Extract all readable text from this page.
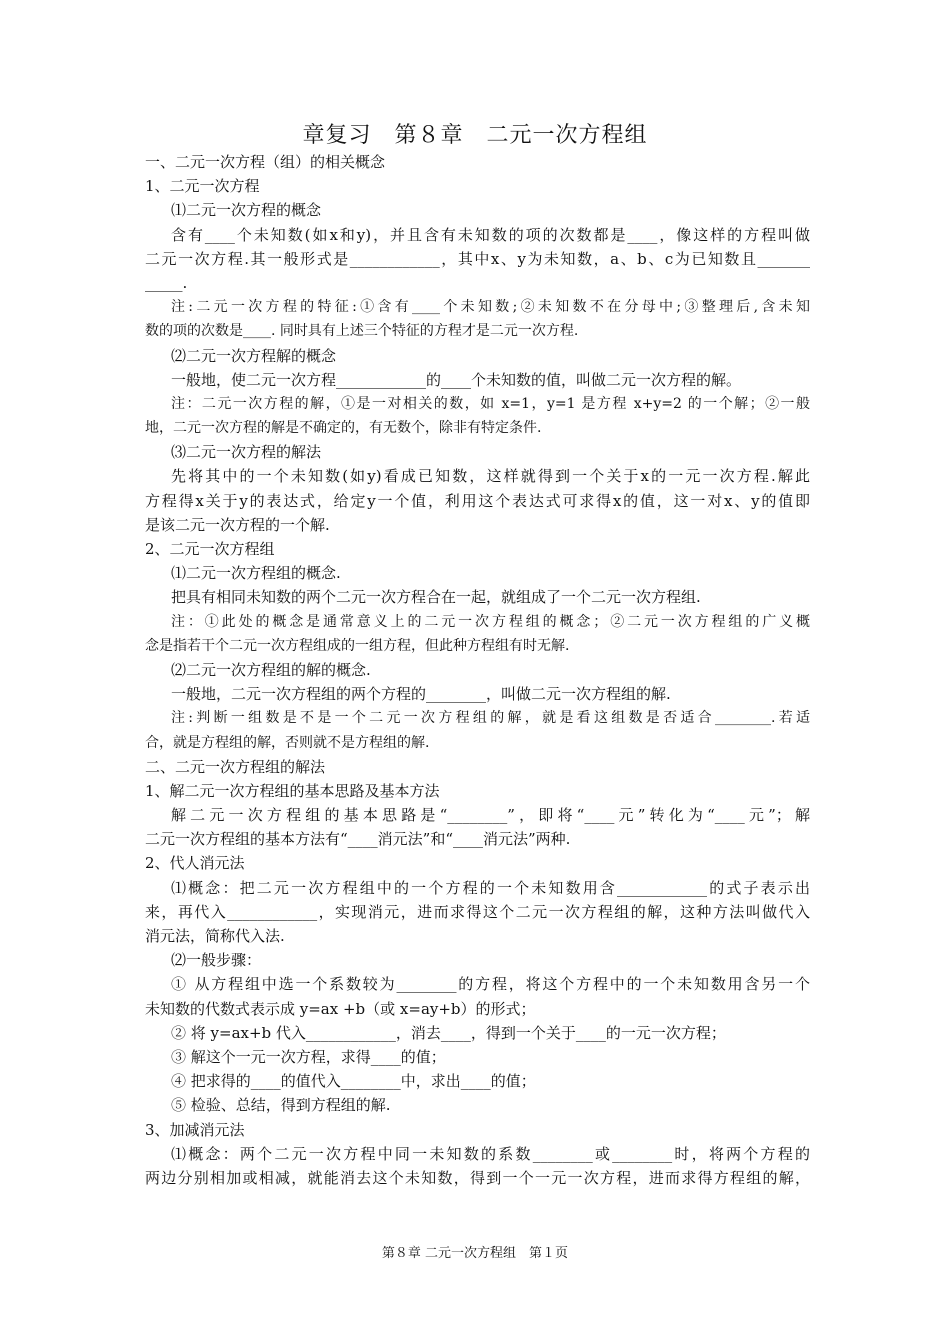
章复习　第８章　二元一次方程组
一、二元一次方程（组）的相关概念
1、二元一次方程
⑴二元一次方程的概念
含有____个未知数(如x和y)，并且含有未知数的项的次数都是____，像这样的方程叫做
二元一次方程.其一般形式是____________，其中x、y为未知数，a、b、c为已知数且_______
_____.
注:二元一次方程的特征:①含有____个未知数;②未知数不在分母中;③整理后,含未知
数的项的次数是____. 同时具有上述三个特征的方程才是二元一次方程.
⑵二元一次方程解的概念
一般地，使二元一次方程____________的____个未知数的值，叫做二元一次方程的解。
注：二元一次方程的解，①是一对相关的数，如 x=1，y=1 是方程 x+y=2 的一个解；②一般
地，二元一次方程的解是不确定的，有无数个，除非有特定条件.
⑶二元一次方程的解法
先将其中的一个未知数(如y)看成已知数，这样就得到一个关于x的一元一次方程.解此
方程得x关于y的表达式，给定y一个值，利用这个表达式可求得x的值，这一对x、y的值即
是该二元一次方程的一个解.
2、二元一次方程组
⑴二元一次方程组的概念.
把具有相同未知数的两个二元一次方程合在一起，就组成了一个二元一次方程组.
注：①此处的概念是通常意义上的二元一次方程组的概念；②二元一次方程组的广义概
念是指若干个二元一次方程组成的一组方程，但此种方程组有时无解.
⑵二元一次方程组的解的概念.
一般地，二元一次方程组的两个方程的________，叫做二元一次方程组的解.
注:判断一组数是不是一个二元一次方程组的解，就是看这组数是否适合________.若适
合，就是方程组的解，否则就不是方程组的解.
二、二元一次方程组的解法
1、解二元一次方程组的基本思路及基本方法
解二元一次方程组的基本思路是“________”，即将“____元”转化为“____元”；解
二元一次方程组的基本方法有“____消元法”和“____消元法”两种.
2、代人消元法
⑴概念：把二元一次方程组中的一个方程的一个未知数用含____________的式子表示出
来，再代入____________，实现消元，进而求得这个二元一次方程组的解，这种方法叫做代入
消元法，简称代入法.
⑵一般步骤：
① 从方程组中选一个系数较为________的方程，将这个方程中的一个未知数用含另一个
未知数的代数式表示成 y=ax +b（或 x=ay+b）的形式；
② 将 y=ax+b 代入____________，消去____，得到一个关于____的一元一次方程；
③ 解这个一元一次方程，求得____的值；
④ 把求得的____的值代入________中，求出____的值；
⑤ 检验、总结，得到方程组的解.
3、加减消元法
⑴概念：两个二元一次方程中同一未知数的系数________或________时，将两个方程的
两边分别相加或相减，就能消去这个未知数，得到一个一元一次方程，进而求得方程组的解，
第８章 二元一次方程组　第１页
